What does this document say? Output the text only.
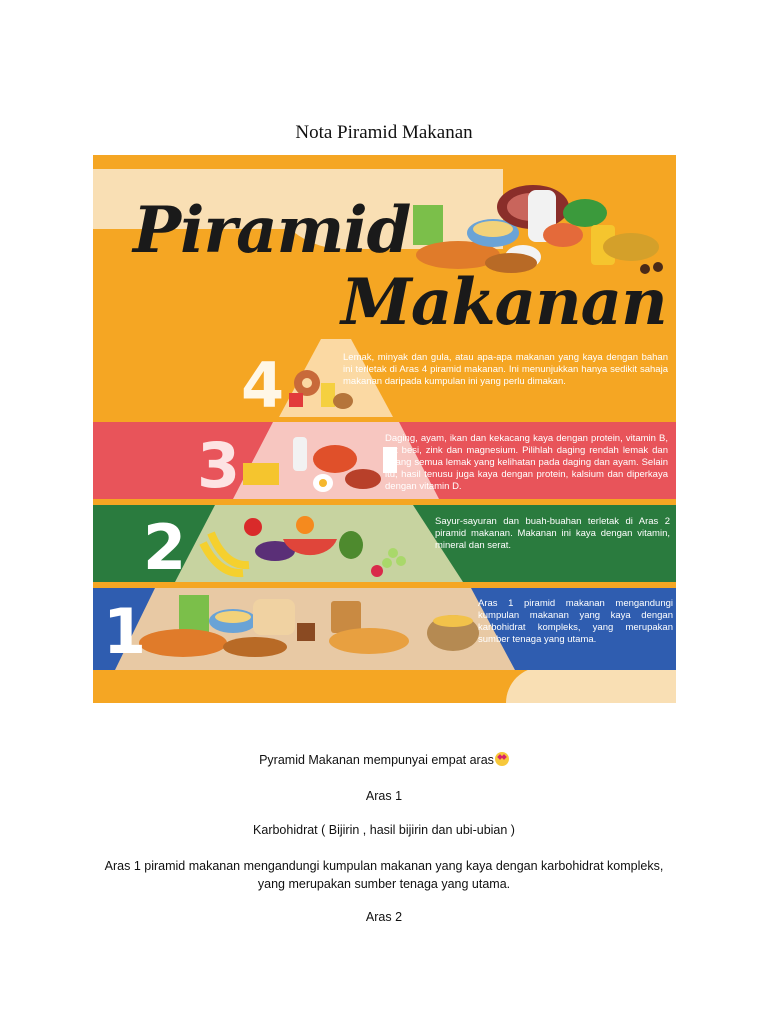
Nota Piramid Makanan
Piramid
Makanan
4
3
2
1
Lemak, minyak dan gula, atau apa-apa makanan yang kaya dengan bahan ini terletak di Aras 4 piramid makanan. Ini menunjukkan hanya sedikit sahaja makanan daripada kumpulan ini yang perlu dimakan.
Daging, ayam, ikan dan kekacang kaya dengan protein, vitamin B, zat besi, zink dan magnesium. Pilihlah daging rendah lemak dan buang semua lemak yang kelihatan pada daging dan ayam. Selain itu, hasil tenusu juga kaya dengan protein, kalsium dan diperkaya dengan vitamin D.
Sayur-sayuran dan buah-buahan terletak di Aras 2 piramid makanan. Makanan ini kaya dengan vitamin, mineral dan serat.
Aras 1 piramid makanan mengandungi kumpulan makanan yang kaya dengan karbohidrat kompleks, yang merupakan sumber tenaga yang utama.
Pyramid Makanan mempunyai empat aras
Aras 1
Karbohidrat ( Bijirin , hasil bijirin dan ubi-ubian )
Aras 1 piramid makanan mengandungi kumpulan makanan yang kaya dengan karbohidrat kompleks,
yang merupakan sumber tenaga yang utama.
Aras 2
